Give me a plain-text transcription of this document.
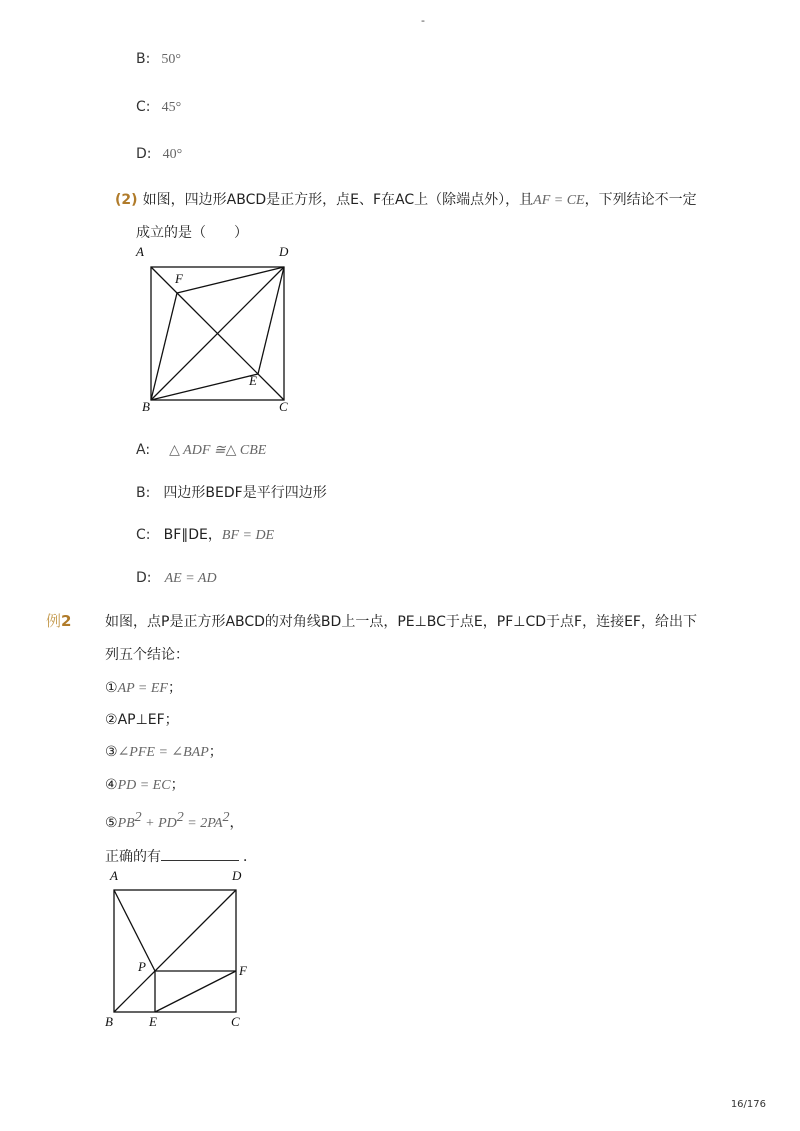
-
B: 50°
C: 45°
D: 40°
(2) 如图，四边形ABCD是正方形，点E、F在AC上（除端点外），且AF = CE，下列结论不一定
成立的是（　　）
A	D
F
E
B	C
A: △ ADF ≅△ CBE
B: 四边形BEDF是平行四边形
C: BF∥DE，BF = DE
D: AE = AD
例2 如图，点P是正方形ABCD的对角线BD上一点，PE⊥BC于点E，PF⊥CD于点F，连接EF，给出下
列五个结论：
①AP = EF；
②AP⊥EF；
③∠PFE = ∠BAP；
④PD = EC；
$⑤PB^2 + PD^2 = 2PA^2$，
正确的有	．
A	D
P	F
B	E	C
16/176
